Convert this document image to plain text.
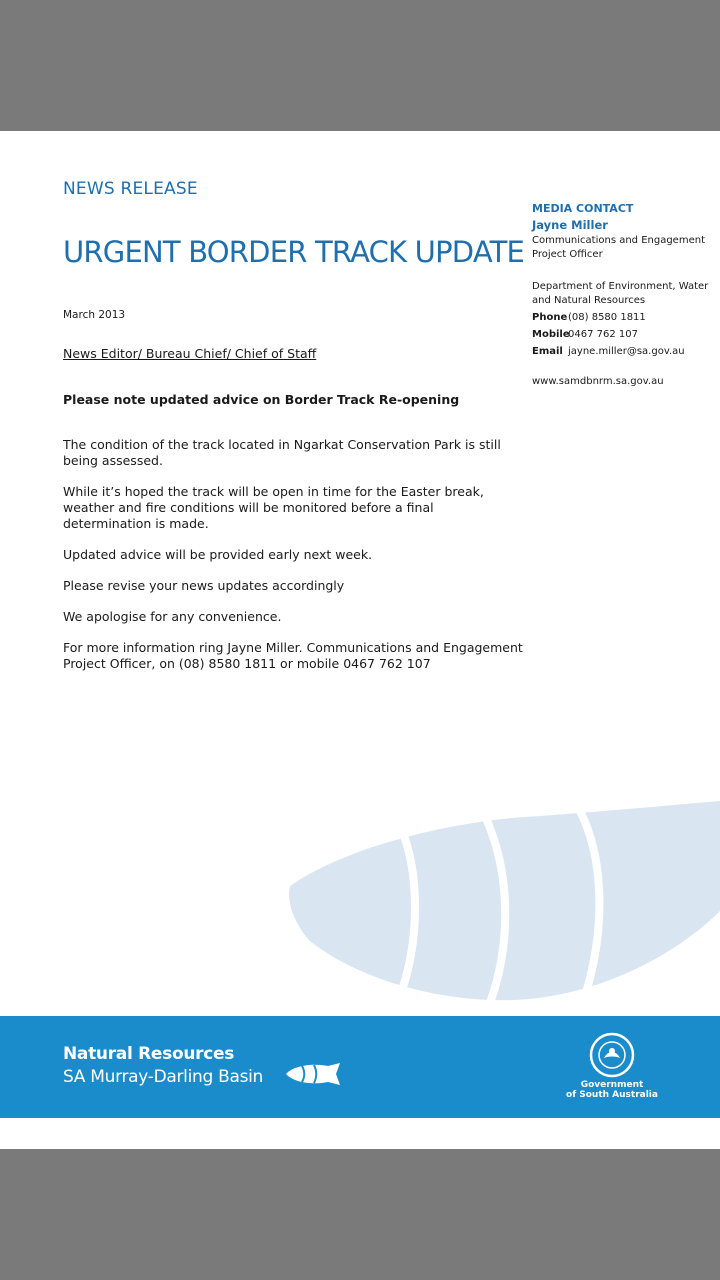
NEWS RELEASE
URGENT BORDER TRACK UPDATE
March 2013
News Editor/ Bureau Chief/ Chief of Staff
Please note updated advice on Border Track Re-opening

The condition of the track located in Ngarkat Conservation Park is still being assessed.

While it’s hoped the track will be open in time for the Easter break, weather and fire conditions will be monitored before a final determination is made.

Updated advice will be provided early next week.

Please revise your news updates accordingly

We apologise for any convenience.

For more information ring Jayne Miller. Communications and Engagement Project Officer, on (08) 8580 1811 or mobile 0467 762 107

MEDIA CONTACT
Jayne Miller
Communications and Engagement Project Officer
Department of Environment, Water and Natural Resources
Phone (08) 8580 1811
Mobile
0467 762 107
Email jayne.miller@sa.gov.au
www.samdbnrm.sa.gov.au
Natural Resources
SA Murray-Darling Basin	Government
of South Australia
